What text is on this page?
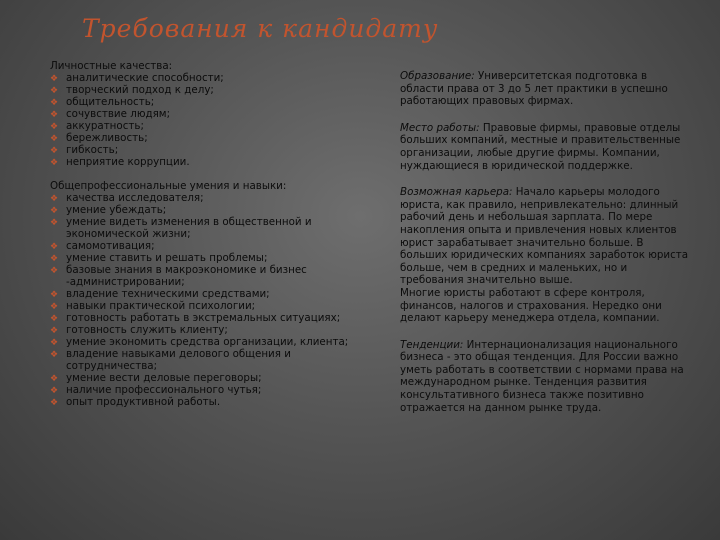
Требования к кандидату

Личностные качества:

❖ аналитические способности;
❖ творческий подход к делу;
❖ общительность;
❖ сочувствие людям;
❖ аккуратность;
❖ бережливость;
❖ гибкость;
❖ неприятие коррупции.

Общепрофессиональные умения и навыки:

❖ качества исследователя;
❖ умение убеждать;
❖ умение видеть изменения в общественной и экономической жизни;
❖ самомотивация;
❖ умение ставить и решать проблемы;
❖ базовые знания в макроэкономике и бизнес -администрировании;
❖ владение техническими средствами;
❖ навыки практической психологии;
❖ готовность работать в экстремальных ситуациях;
❖ готовность служить клиенту;
❖ умение экономить средства организации, клиента;
❖ владение навыками делового общения и сотрудничества;
❖ умение вести деловые переговоры;
❖ наличие профессионального чутья;
❖ опыт продуктивной работы.

Образование: Университетская подготовка в области права от 3 до 5 лет практики в успешно работающих правовых фирмах.

Место работы: Правовые фирмы, правовые отделы больших компаний, местные и правительственные организации, любые другие фирмы. Компании, нуждающиеся в юридической поддержке.

Возможная карьера: Начало карьеры молодого юриста, как правило, непривлекательно: длинный рабочий день и небольшая зарплата. По мере накопления опыта и привлечения новых клиентов юрист зарабатывает значительно больше. В больших юридических компаниях заработок юриста больше, чем в средних и маленьких, но и требования значительно выше.
Многие юристы работают в сфере контроля, финансов, налогов и страхования. Нередко они делают карьеру менеджера отдела, компании.

Тенденции: Интернационализация национального бизнеса - это общая тенденция. Для России важно уметь работать в соответствии с нормами права на международном рынке. Тенденция развития консультативного бизнеса также позитивно отражается на данном рынке труда.
